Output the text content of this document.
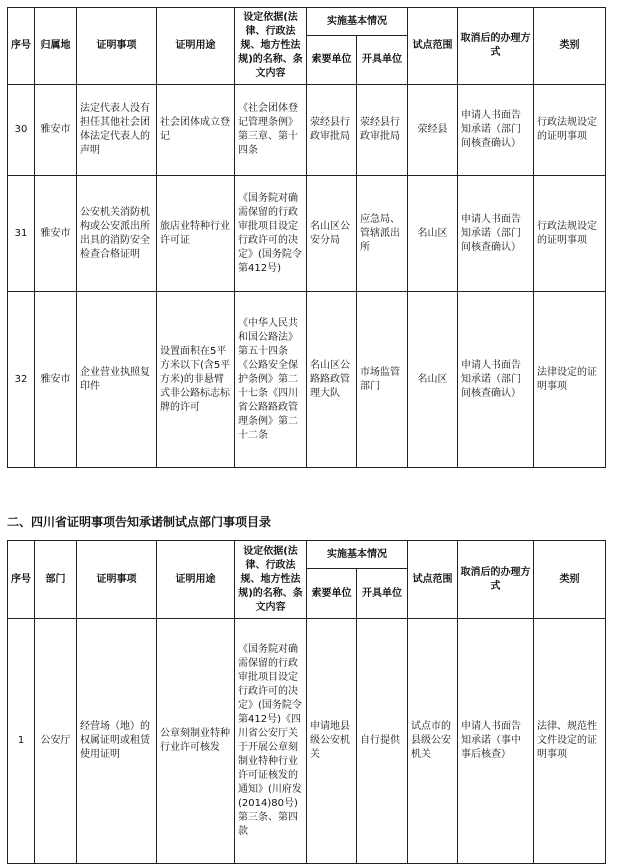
序号	归属地	证明事项	证明用途	设定依据(法律、行政法规、地方性法规)的名称、条文内容	实施基本情况		试点范围	取消后的办理方式	类别
					索要单位	开具单位			
30	雅安市	法定代表人没有担任其他社会团体法定代表人的声明	社会团体成立登记	《社会团体登记管理条例》第三章、第十四条	荥经县行政审批局	荥经县行政审批局	荥经县	申请人书面告知承诺（部门间核查确认）	行政法规设定的证明事项
31	雅安市	公安机关消防机构或公安派出所出具的消防安全检查合格证明	旅店业特种行业许可证	《国务院对确需保留的行政审批项目设定行政许可的决定》(国务院令第412号)	名山区公安分局	应急局、管辖派出所	名山区	申请人书面告知承诺（部门间核查确认）	行政法规设定的证明事项
32	雅安市	企业营业执照复印件	设置面积在5平方米以下(含5平方米)的非悬臂式非公路标志标牌的许可	《中华人民共和国公路法》第五十四条《公路安全保护条例》第二十七条《四川省公路路政管理条例》第二十二条	名山区公路路政管理大队	市场监管部门	名山区	申请人书面告知承诺（部门间核查确认）	法律设定的证明事项
二、四川省证明事项告知承诺制试点部门事项目录
序号	部门	证明事项	证明用途	设定依据(法律、行政法规、地方性法规)的名称、条文内容	实施基本情况		试点范围	取消后的办理方式	类别
					索要单位	开具单位			
1	公安厅	经营场（地）的权属证明或租赁使用证明	公章刻制业特种行业许可核发	《国务院对确需保留的行政审批项目设定行政许可的决定》(国务院令第412号)《四川省公安厅关于开展公章刻制业特种行业许可证核发的通知》(川府发(2014)80号)第三条、第四款	申请地县级公安机关	自行提供	试点市的县级公安机关	申请人书面告知承诺（事中事后核查）	法律、规范性文件设定的证明事项
